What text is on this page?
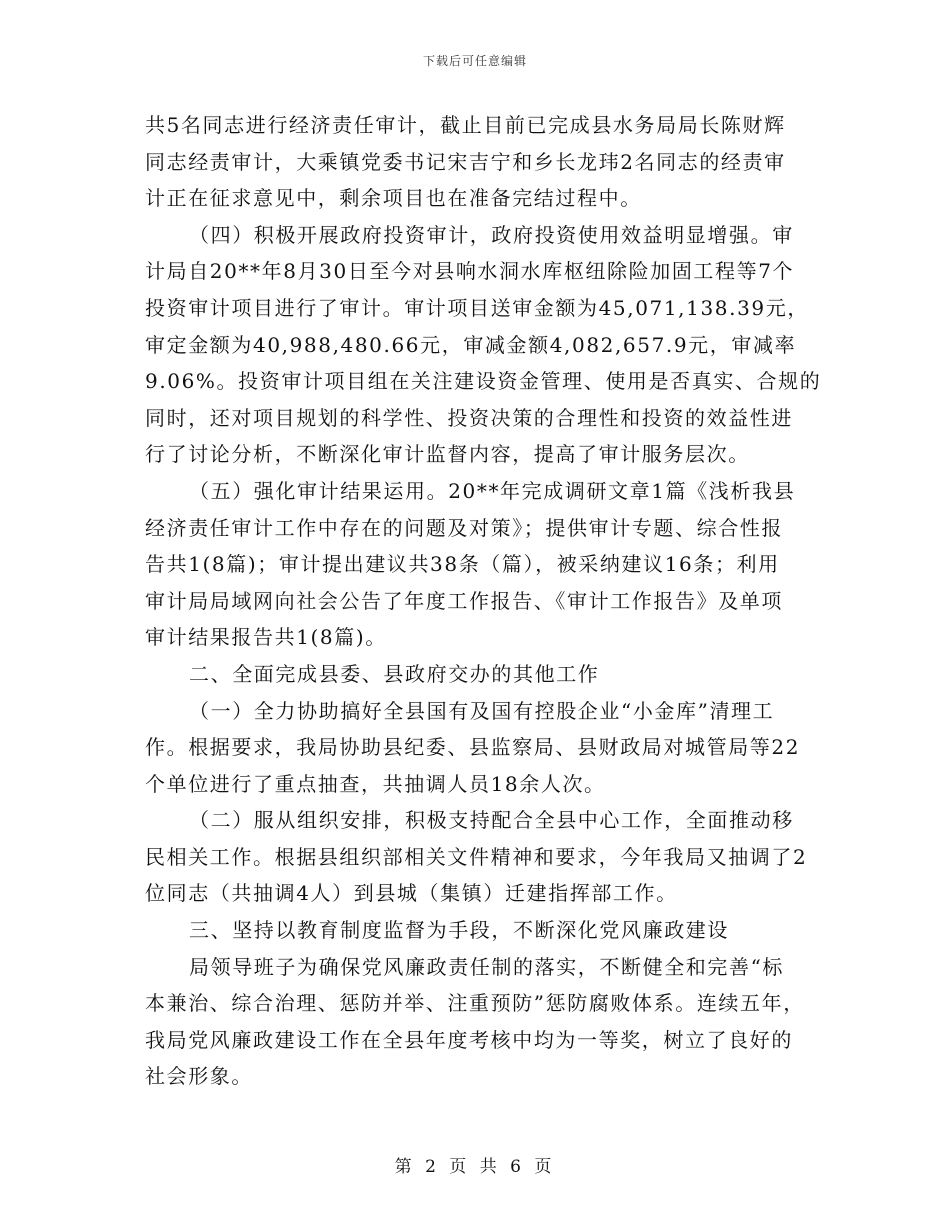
下载后可任意编辑
共5名同志进行经济责任审计，截止目前已完成县水务局局长陈财辉
同志经责审计，大乘镇党委书记宋吉宁和乡长龙玮2名同志的经责审
计正在征求意见中，剩余项目也在准备完结过程中。
（四）积极开展政府投资审计，政府投资使用效益明显增强。审
计局自20**年8月30日至今对县响水洞水库枢纽除险加固工程等7个
投资审计项目进行了审计。审计项目送审金额为45,071,138.39元，
审定金额为40,988,480.66元，审减金额4,082,657.9元，审减率
9.06%。投资审计项目组在关注建设资金管理、使用是否真实、合规的
同时，还对项目规划的科学性、投资决策的合理性和投资的效益性进
行了讨论分析，不断深化审计监督内容，提高了审计服务层次。
（五）强化审计结果运用。20**年完成调研文章1篇《浅析我县
经济责任审计工作中存在的问题及对策》；提供审计专题、综合性报
告共1(8篇)；审计提出建议共38条（篇），被采纳建议16条；利用
审计局局域网向社会公告了年度工作报告、《审计工作报告》及单项
审计结果报告共1(8篇)。
二、全面完成县委、县政府交办的其他工作
（一）全力协助搞好全县国有及国有控股企业“小金库”清理工
作。根据要求，我局协助县纪委、县监察局、县财政局对城管局等22
个单位进行了重点抽查，共抽调人员18余人次。
（二）服从组织安排，积极支持配合全县中心工作，全面推动移
民相关工作。根据县组织部相关文件精神和要求，今年我局又抽调了2
位同志（共抽调4人）到县城（集镇）迁建指挥部工作。
三、坚持以教育制度监督为手段，不断深化党风廉政建设
局领导班子为确保党风廉政责任制的落实，不断健全和完善“标
本兼治、综合治理、惩防并举、注重预防”惩防腐败体系。连续五年，
我局党风廉政建设工作在全县年度考核中均为一等奖，树立了良好的
社会形象。
第 2 页 共 6 页
